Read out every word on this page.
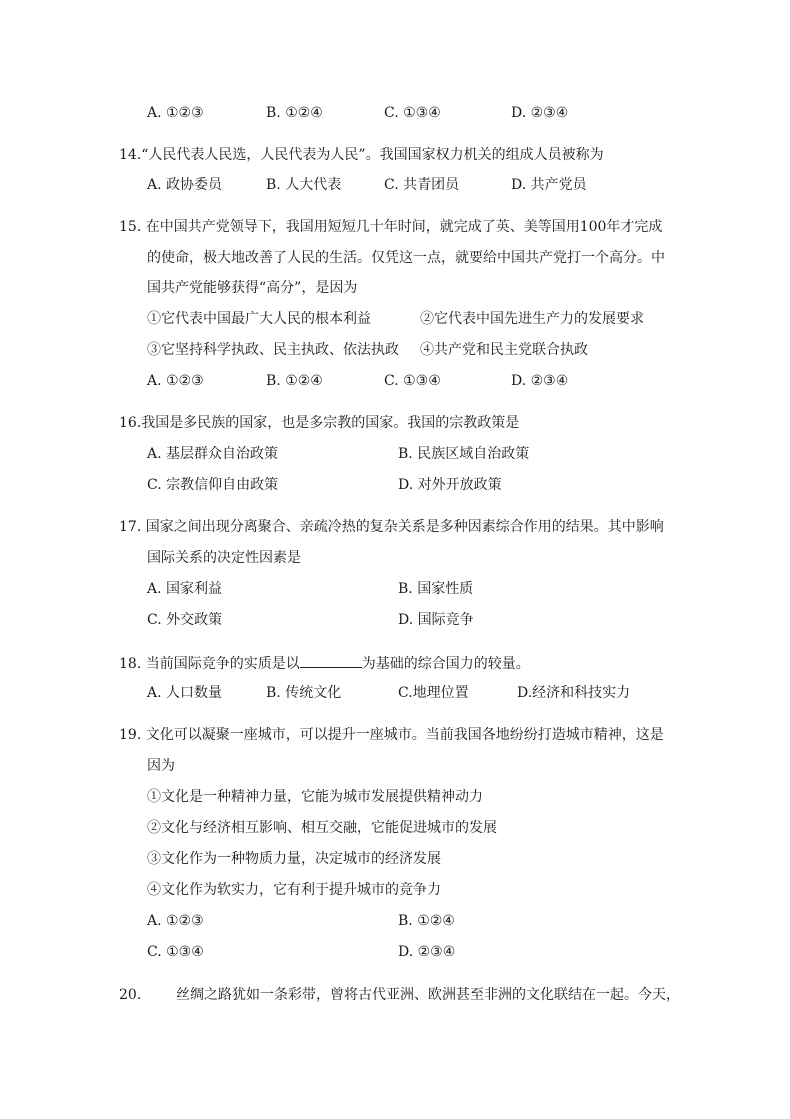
A. ①②③	B. ①②④	C. ①③④	D. ②③④
14.“人民代表人民选，人民代表为人民”。我国国家权力机关的组成人员被称为
A. 政协委员	B. 人大代表	C. 共青团员	D. 共产党员
15. 在中国共产党领导下，我国用短短几十年时间，就完成了英、美等国用100年才完成
的使命，极大地改善了人民的生活。仅凭这一点，就要给中国共产党打一个高分。中
国共产党能够获得“高分”，是因为
①它代表中国最广大人民的根本利益	②它代表中国先进生产力的发展要求
③它坚持科学执政、民主执政、依法执政 ④共产党和民主党联合执政
A. ①②③	B. ①②④	C. ①③④	D. ②③④
16.我国是多民族的国家，也是多宗教的国家。我国的宗教政策是
A. 基层群众自治政策	B. 民族区域自治政策
C. 宗教信仰自由政策	D. 对外开放政策
17. 国家之间出现分离聚合、亲疏冷热的复杂关系是多种因素综合作用的结果。其中影响
国际关系的决定性因素是
A. 国家利益	B. 国家性质
C. 外交政策	D. 国际竞争
18. 当前国际竞争的实质是以	为基础的综合国力的较量。
A. 人口数量	B. 传统文化	C.地理位置	D.经济和科技实力
19. 文化可以凝聚一座城市，可以提升一座城市。当前我国各地纷纷打造城市精神，这是
因为
①文化是一种精神力量，它能为城市发展提供精神动力
②文化与经济相互影响、相互交融，它能促进城市的发展
③文化作为一种物质力量，决定城市的经济发展
④文化作为软实力，它有利于提升城市的竞争力
A. ①②③	B. ①②④
C. ①③④	D. ②③④
20. 丝绸之路犹如一条彩带，曾将古代亚洲、欧洲甚至非洲的文化联结在一起。今天，
